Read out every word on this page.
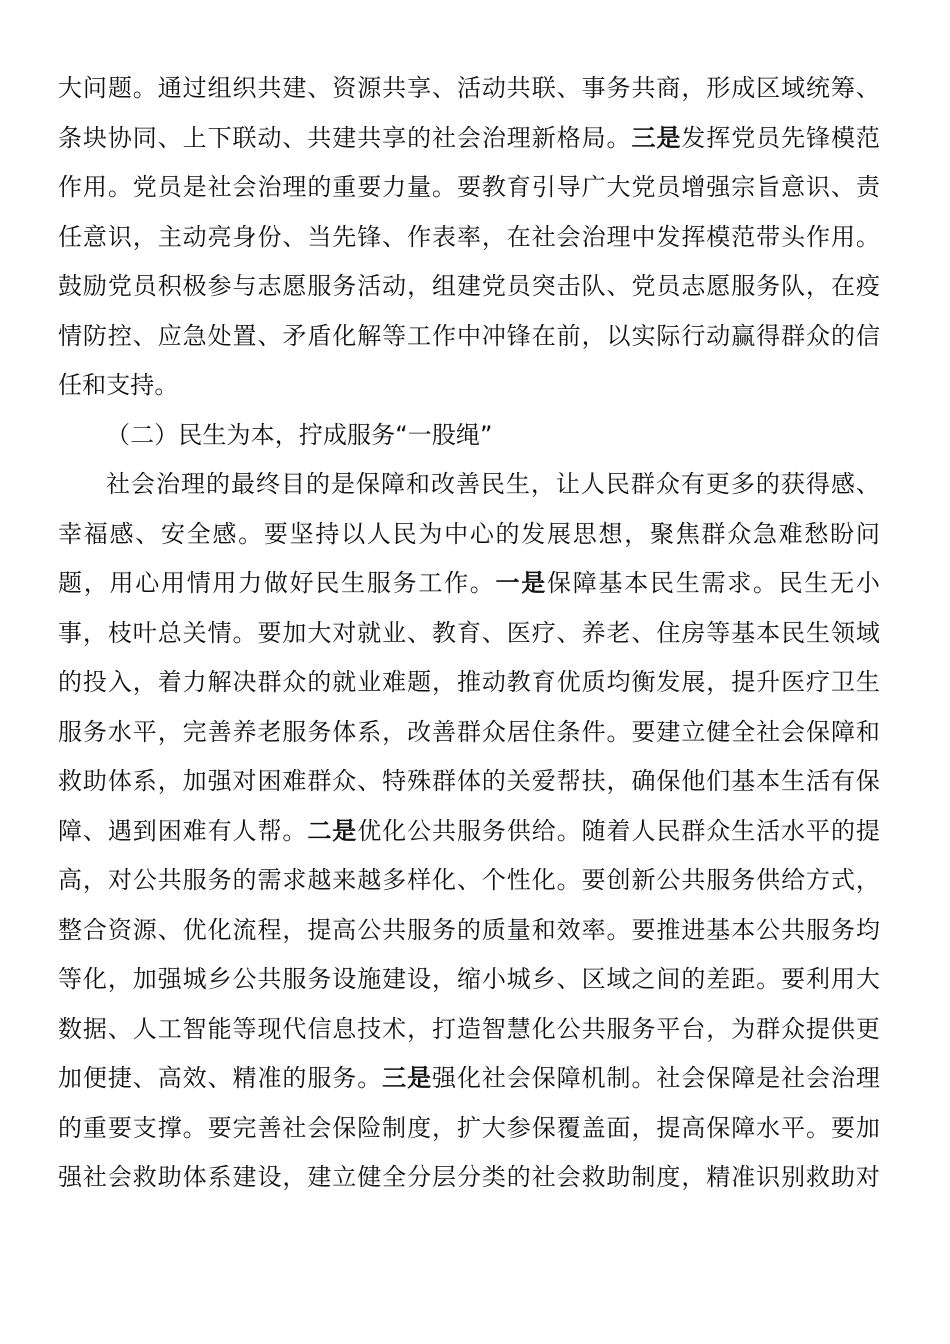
大问题。通过组织共建、资源共享、活动共联、事务共商，形成区域统筹、
条块协同、上下联动、共建共享的社会治理新格局。三是发挥党员先锋模范
作用。党员是社会治理的重要力量。要教育引导广大党员增强宗旨意识、责
任意识，主动亮身份、当先锋、作表率，在社会治理中发挥模范带头作用。
鼓励党员积极参与志愿服务活动，组建党员突击队、党员志愿服务队，在疫
情防控、应急处置、矛盾化解等工作中冲锋在前，以实际行动赢得群众的信
任和支持。
（二）民生为本，拧成服务“一股绳”
社会治理的最终目的是保障和改善民生，让人民群众有更多的获得感、
幸福感、安全感。要坚持以人民为中心的发展思想，聚焦群众急难愁盼问
题，用心用情用力做好民生服务工作。一是保障基本民生需求。民生无小
事，枝叶总关情。要加大对就业、教育、医疗、养老、住房等基本民生领域
的投入，着力解决群众的就业难题，推动教育优质均衡发展，提升医疗卫生
服务水平，完善养老服务体系，改善群众居住条件。要建立健全社会保障和
救助体系，加强对困难群众、特殊群体的关爱帮扶，确保他们基本生活有保
障、遇到困难有人帮。二是优化公共服务供给。随着人民群众生活水平的提
高，对公共服务的需求越来越多样化、个性化。要创新公共服务供给方式，
整合资源、优化流程，提高公共服务的质量和效率。要推进基本公共服务均
等化，加强城乡公共服务设施建设，缩小城乡、区域之间的差距。要利用大
数据、人工智能等现代信息技术，打造智慧化公共服务平台，为群众提供更
加便捷、高效、精准的服务。三是强化社会保障机制。社会保障是社会治理
的重要支撑。要完善社会保险制度，扩大参保覆盖面，提高保障水平。要加
强社会救助体系建设，建立健全分层分类的社会救助制度，精准识别救助对
